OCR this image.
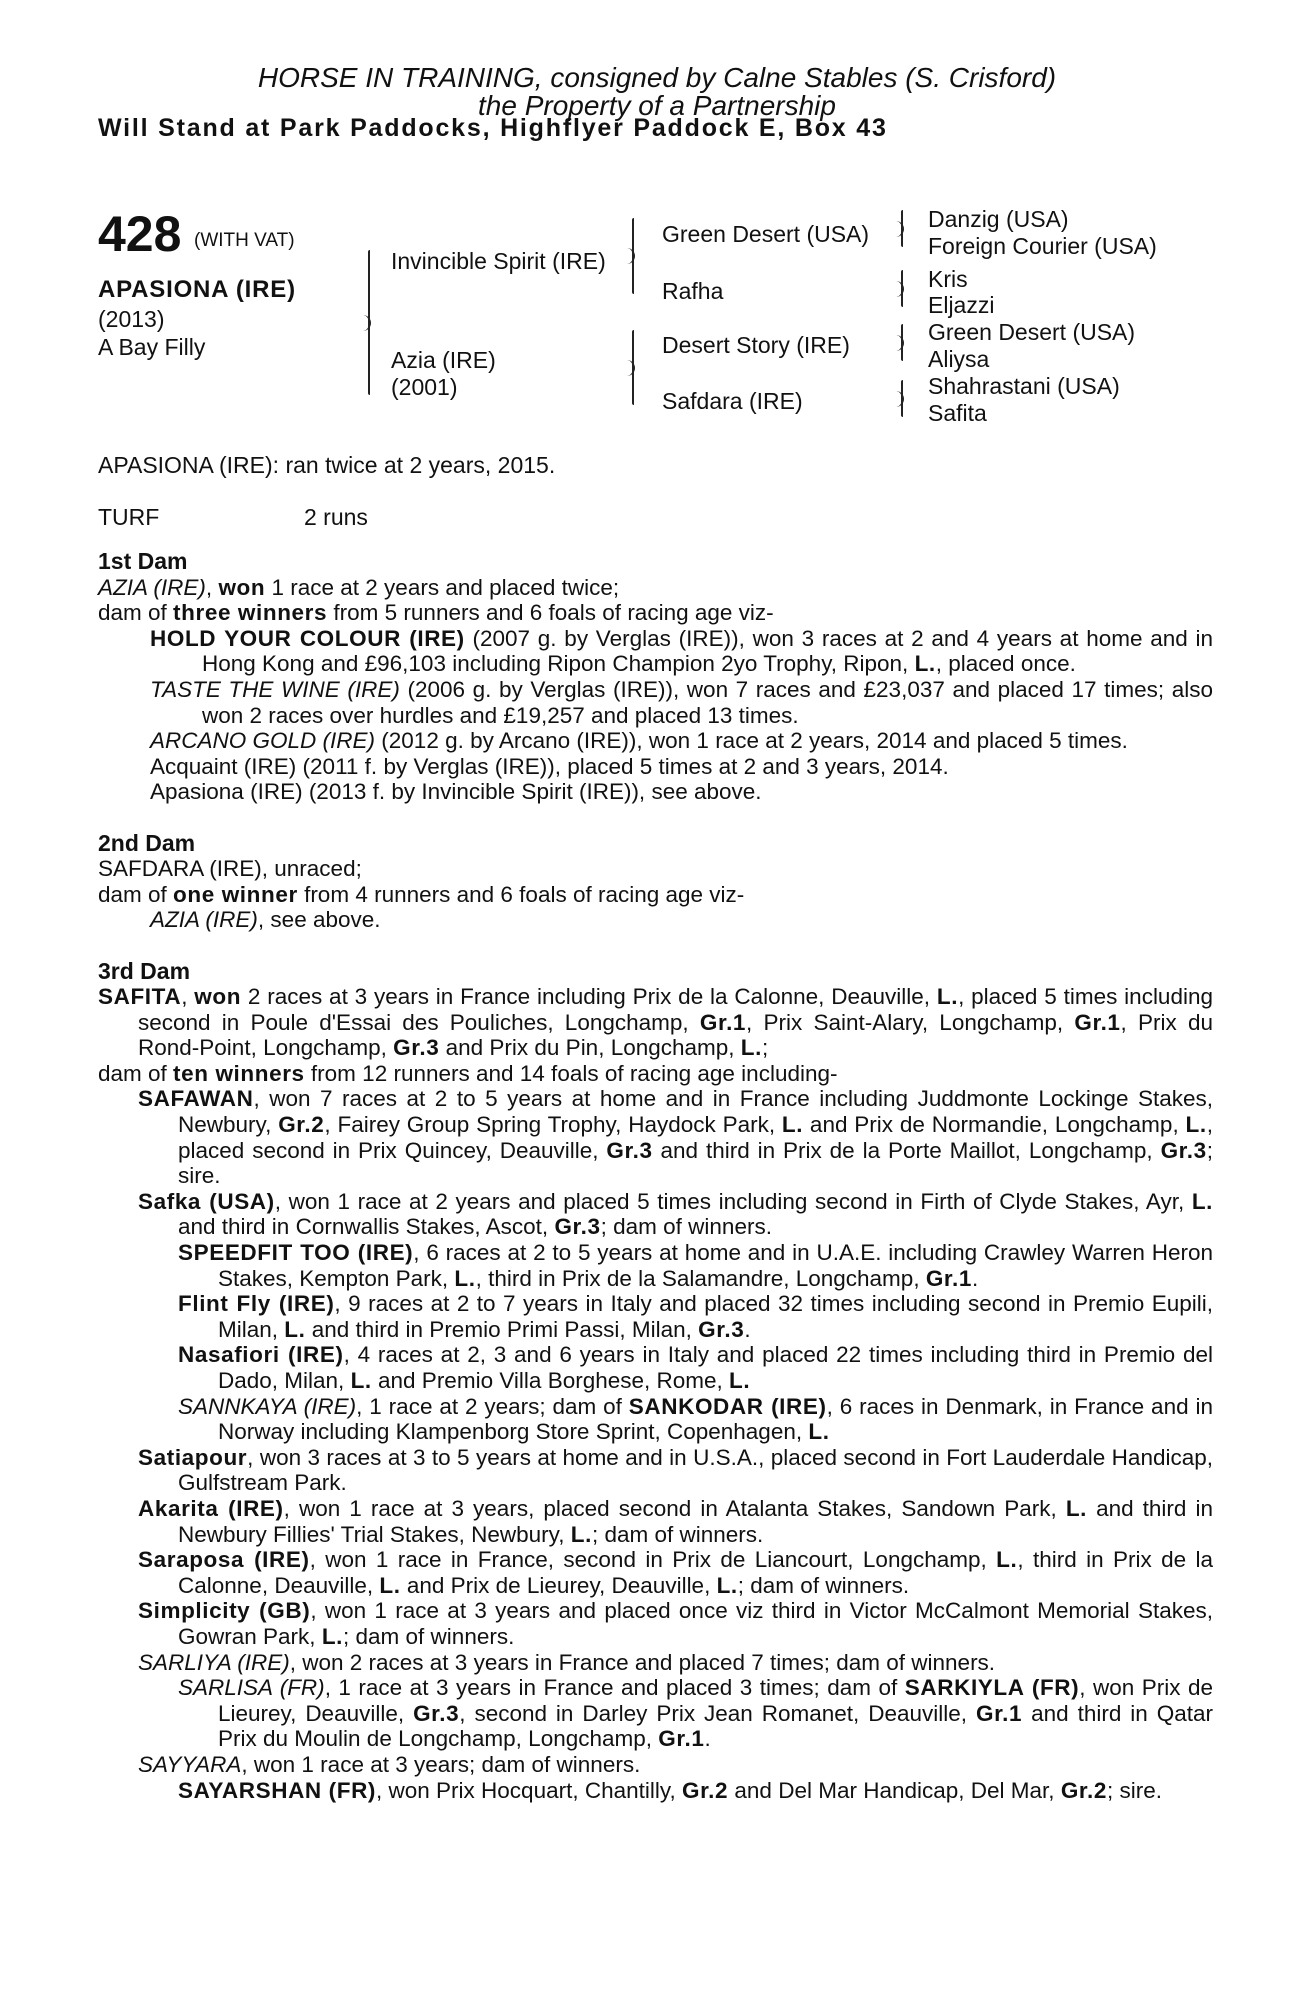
HORSE IN TRAINING, consigned by Calne Stables (S. Crisford)
the Property of a Partnership
Will Stand at Park Paddocks, Highflyer Paddock E, Box 43
428 (WITH VAT)
APASIONA (IRE)
(2013)
A Bay Filly
Invincible Spirit (IRE)
Azia (IRE)
(2001)
Green Desert (USA)
Rafha
Desert Story (IRE)
Safdara (IRE)
Danzig (USA)
Foreign Courier (USA)
Kris
Eljazzi
Green Desert (USA)
Aliysa
Shahrastani (USA)
Safita
APASIONA (IRE): ran twice at 2 years, 2015.
TURF	2 runs

1st Dam

AZIA (IRE), won 1 race at 2 years and placed twice;

dam of three winners from 5 runners and 6 foals of racing age viz-

HOLD YOUR COLOUR (IRE) (2007 g. by Verglas (IRE)), won 3 races at 2 and 4 years at home and in Hong Kong and £96,103 including Ripon Champion 2yo Trophy, Ripon, L., placed once.

TASTE THE WINE (IRE) (2006 g. by Verglas (IRE)), won 7 races and £23,037 and placed 17 times; also won 2 races over hurdles and £19,257 and placed 13 times.

ARCANO GOLD (IRE) (2012 g. by Arcano (IRE)), won 1 race at 2 years, 2014 and placed 5 times.

Acquaint (IRE) (2011 f. by Verglas (IRE)), placed 5 times at 2 and 3 years, 2014.

Apasiona (IRE) (2013 f. by Invincible Spirit (IRE)), see above.

2nd Dam

SAFDARA (IRE), unraced;

dam of one winner from 4 runners and 6 foals of racing age viz-

AZIA (IRE), see above.

3rd Dam

SAFITA, won 2 races at 3 years in France including Prix de la Calonne, Deauville, L., placed 5 times including second in Poule d'Essai des Pouliches, Longchamp, Gr.1, Prix Saint-Alary, Longchamp, Gr.1, Prix du Rond-Point, Longchamp, Gr.3 and Prix du Pin, Longchamp, L.;

dam of ten winners from 12 runners and 14 foals of racing age including-

SAFAWAN, won 7 races at 2 to 5 years at home and in France including Juddmonte Lockinge Stakes, Newbury, Gr.2, Fairey Group Spring Trophy, Haydock Park, L. and Prix de Normandie, Longchamp, L., placed second in Prix Quincey, Deauville, Gr.3 and third in Prix de la Porte Maillot, Longchamp, Gr.3; sire.

Safka (USA), won 1 race at 2 years and placed 5 times including second in Firth of Clyde Stakes, Ayr, L. and third in Cornwallis Stakes, Ascot, Gr.3; dam of winners.

SPEEDFIT TOO (IRE), 6 races at 2 to 5 years at home and in U.A.E. including Crawley Warren Heron Stakes, Kempton Park, L., third in Prix de la Salamandre, Longchamp, Gr.1.

Flint Fly (IRE), 9 races at 2 to 7 years in Italy and placed 32 times including second in Premio Eupili, Milan, L. and third in Premio Primi Passi, Milan, Gr.3.

Nasafiori (IRE), 4 races at 2, 3 and 6 years in Italy and placed 22 times including third in Premio del Dado, Milan, L. and Premio Villa Borghese, Rome, L.

SANNKAYA (IRE), 1 race at 2 years; dam of SANKODAR (IRE), 6 races in Denmark, in France and in Norway including Klampenborg Store Sprint, Copenhagen, L.

Satiapour, won 3 races at 3 to 5 years at home and in U.S.A., placed second in Fort Lauderdale Handicap, Gulfstream Park.

Akarita (IRE), won 1 race at 3 years, placed second in Atalanta Stakes, Sandown Park, L. and third in Newbury Fillies' Trial Stakes, Newbury, L.; dam of winners.

Saraposa (IRE), won 1 race in France, second in Prix de Liancourt, Longchamp, L., third in Prix de la Calonne, Deauville, L. and Prix de Lieurey, Deauville, L.; dam of winners.

Simplicity (GB), won 1 race at 3 years and placed once viz third in Victor McCalmont Memorial Stakes, Gowran Park, L.; dam of winners.

SARLIYA (IRE), won 2 races at 3 years in France and placed 7 times; dam of winners.

SARLISA (FR), 1 race at 3 years in France and placed 3 times; dam of SARKIYLA (FR), won Prix de Lieurey, Deauville, Gr.3, second in Darley Prix Jean Romanet, Deauville, Gr.1 and third in Qatar Prix du Moulin de Longchamp, Longchamp, Gr.1.

SAYYARA, won 1 race at 3 years; dam of winners.

SAYARSHAN (FR), won Prix Hocquart, Chantilly, Gr.2 and Del Mar Handicap, Del Mar, Gr.2; sire.
